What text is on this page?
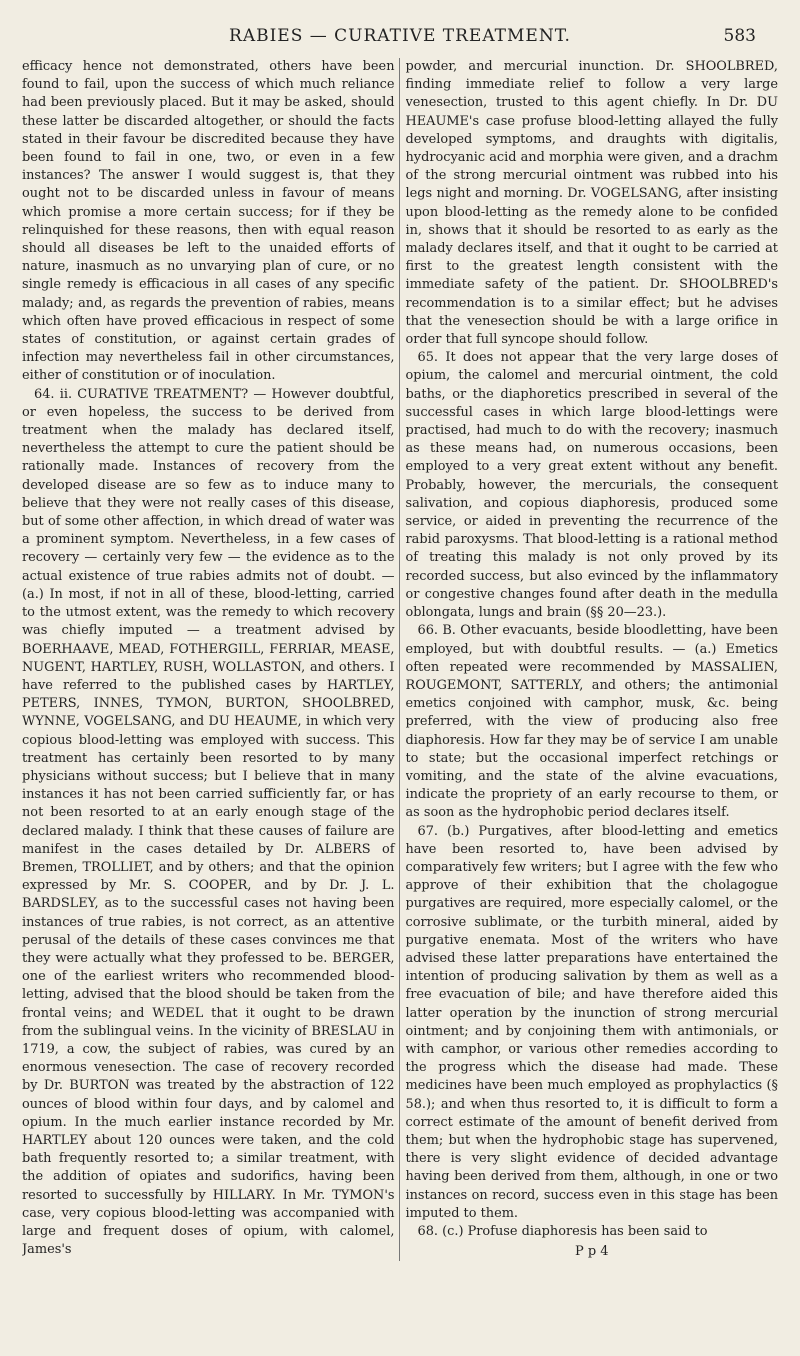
RABIES — CURATIVE TREATMENT.	583

efficacy hence not demonstrated, others have been found to fail, upon the success of which much reliance had been previously placed. But it may be asked, should these latter be discarded altogether, or should the facts stated in their favour be discredited because they have been found to fail in one, two, or even in a few instances? The answer I would suggest is, that they ought not to be discarded unless in favour of means which promise a more certain success; for if they be relinquished for these reasons, then with equal reason should all diseases be left to the unaided efforts of nature, inasmuch as no unvarying plan of cure, or no single remedy is efficacious in all cases of any specific malady; and, as regards the prevention of rabies, means which often have proved efficacious in respect of some states of constitution, or against certain grades of infection may nevertheless fail in other circumstances, either of constitution or of inoculation.

64. ii. CURATIVE TREATMENT? — However doubtful, or even hopeless, the success to be derived from treatment when the malady has declared itself, nevertheless the attempt to cure the patient should be rationally made. Instances of recovery from the developed disease are so few as to induce many to believe that they were not really cases of this disease, but of some other affection, in which dread of water was a prominent symptom. Nevertheless, in a few cases of recovery — certainly very few — the evidence as to the actual existence of true rabies admits not of doubt. — (a.) In most, if not in all of these, blood-letting, carried to the utmost extent, was the remedy to which recovery was chiefly imputed — a treatment advised by BOERHAAVE, MEAD, FOTHERGILL, FERRIAR, MEASE, NUGENT, HARTLEY, RUSH, WOLLASTON, and others. I have referred to the published cases by HARTLEY, PETERS, INNES, TYMON, BURTON, SHOOLBRED, WYNNE, VOGELSANG, and DU HEAUME, in which very copious blood-letting was employed with success. This treatment has certainly been resorted to by many physicians without success; but I believe that in many instances it has not been carried sufficiently far, or has not been resorted to at an early enough stage of the declared malady. I think that these causes of failure are manifest in the cases detailed by Dr. ALBERS of Bremen, TROLLIET, and by others; and that the opinion expressed by Mr. S. COOPER, and by Dr. J. L. BARDSLEY, as to the successful cases not having been instances of true rabies, is not correct, as an attentive perusal of the details of these cases convinces me that they were actually what they professed to be. BERGER, one of the earliest writers who recommended blood-letting, advised that the blood should be taken from the frontal veins; and WEDEL that it ought to be drawn from the sublingual veins. In the vicinity of BRESLAU in 1719, a cow, the subject of rabies, was cured by an enormous venesection. The case of recovery recorded by Dr. BURTON was treated by the abstraction of 122 ounces of blood within four days, and by calomel and opium. In the much earlier instance recorded by Mr. HARTLEY about 120 ounces were taken, and the cold bath frequently resorted to; a similar treatment, with the addition of opiates and sudorifics, having been resorted to successfully by HILLARY. In Mr. TYMON's case, very copious blood-letting was accompanied with large and frequent doses of opium, with calomel, James's

powder, and mercurial inunction. Dr. SHOOLBRED, finding immediate relief to follow a very large venesection, trusted to this agent chiefly. In Dr. DU HEAUME's case profuse blood-letting allayed the fully developed symptoms, and draughts with digitalis, hydrocyanic acid and morphia were given, and a drachm of the strong mercurial ointment was rubbed into his legs night and morning. Dr. VOGELSANG, after insisting upon blood-letting as the remedy alone to be confided in, shows that it should be resorted to as early as the malady declares itself, and that it ought to be carried at first to the greatest length consistent with the immediate safety of the patient. Dr. SHOOLBRED's recommendation is to a similar effect; but he advises that the venesection should be with a large orifice in order that full syncope should follow.

65. It does not appear that the very large doses of opium, the calomel and mercurial ointment, the cold baths, or the diaphoretics prescribed in several of the successful cases in which large blood-lettings were practised, had much to do with the recovery; inasmuch as these means had, on numerous occasions, been employed to a very great extent without any benefit. Probably, however, the mercurials, the consequent salivation, and copious diaphoresis, produced some service, or aided in preventing the recurrence of the rabid paroxysms. That blood-letting is a rational method of treating this malady is not only proved by its recorded success, but also evinced by the inflammatory or congestive changes found after death in the medulla oblongata, lungs and brain (§§ 20—23.).

66. B. Other evacuants, beside bloodletting, have been employed, but with doubtful results. — (a.) Emetics often repeated were recommended by MASSALIEN, ROUGEMONT, SATTERLY, and others; the antimonial emetics conjoined with camphor, musk, &c. being preferred, with the view of producing also free diaphoresis. How far they may be of service I am unable to state; but the occasional imperfect retchings or vomiting, and the state of the alvine evacuations, indicate the propriety of an early recourse to them, or as soon as the hydrophobic period declares itself.

67. (b.) Purgatives, after blood-letting and emetics have been resorted to, have been advised by comparatively few writers; but I agree with the few who approve of their exhibition that the cholagogue purgatives are required, more especially calomel, or the corrosive sublimate, or the turbith mineral, aided by purgative enemata. Most of the writers who have advised these latter preparations have entertained the intention of producing salivation by them as well as a free evacuation of bile; and have therefore aided this latter operation by the inunction of strong mercurial ointment; and by conjoining them with antimonials, or with camphor, or various other remedies according to the progress which the disease had made. These medicines have been much employed as prophylactics (§ 58.); and when thus resorted to, it is difficult to form a correct estimate of the amount of benefit derived from them; but when the hydrophobic stage has supervened, there is very slight evidence of decided advantage having been derived from them, although, in one or two instances on record, success even in this stage has been imputed to them.

68. (c.) Profuse diaphoresis has been said to

P p 4
